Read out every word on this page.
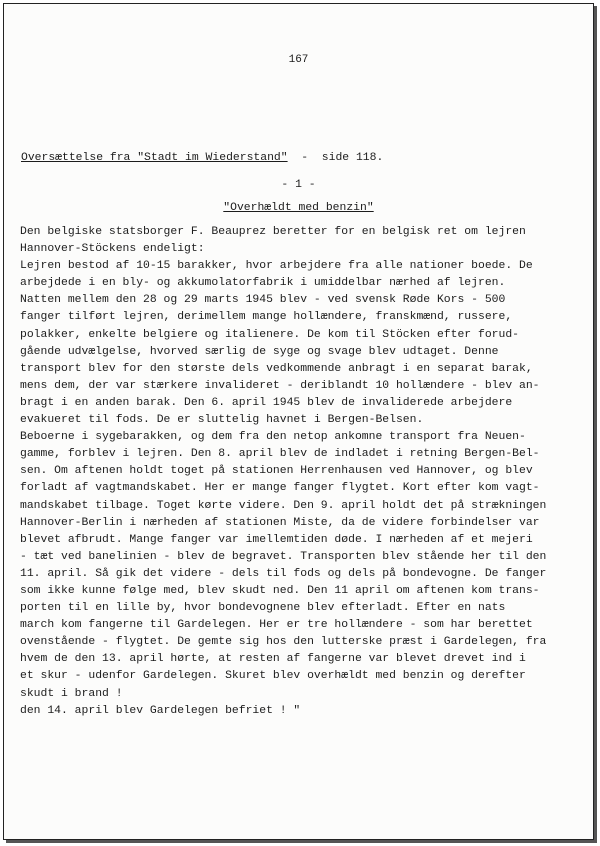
167
Oversættelse fra "Stadt im Wiederstand"  -  side 118.
- 1 -
"Overhældt med benzin"
Den belgiske statsborger F. Beauprez beretter for en belgisk ret om lejren
Hannover-Stöckens endeligt:
Lejren bestod af 10-15 barakker, hvor arbejdere fra alle nationer boede. De
arbejdede i en bly- og akkumolatorfabrik i umiddelbar nærhed af lejren.
Natten mellem den 28 og 29 marts 1945 blev - ved svensk Røde Kors - 500
fanger tilført lejren, derimellem mange hollændere, franskmænd, russere,
polakker, enkelte belgiere og italienere. De kom til Stöcken efter forud-
gående udvælgelse, hvorved særlig de syge og svage blev udtaget. Denne
transport blev for den største dels vedkommende anbragt i en separat barak,
mens dem, der var stærkere invalideret - deriblandt 10 hollændere - blev an-
bragt i en anden barak. Den 6. april 1945 blev de invaliderede arbejdere
evakueret til fods. De er sluttelig havnet i Bergen-Belsen.
Beboerne i sygebarakken, og dem fra den netop ankomne transport fra Neuen-
gamme, forblev i lejren. Den 8. april blev de indladet i retning Bergen-Bel-
sen. Om aftenen holdt toget på stationen Herrenhausen ved Hannover, og blev
forladt af vagtmandskabet. Her er mange fanger flygtet. Kort efter kom vagt-
mandskabet tilbage. Toget kørte videre. Den 9. april holdt det på strækningen
Hannover-Berlin i nærheden af stationen Miste, da de videre forbindelser var
blevet afbrudt. Mange fanger var imellemtiden døde. I nærheden af et mejeri
- tæt ved banelinien - blev de begravet. Transporten blev stående her til den
11. april. Så gik det videre - dels til fods og dels på bondevogne. De fanger
som ikke kunne følge med, blev skudt ned. Den 11 april om aftenen kom trans-
porten til en lille by, hvor bondevognene blev efterladt. Efter en nats
march kom fangerne til Gardelegen. Her er tre hollændere - som har berettet
ovenstående - flygtet. De gemte sig hos den lutterske præst i Gardelegen, fra
hvem de den 13. april hørte, at resten af fangerne var blevet drevet ind i
et skur - udenfor Gardelegen. Skuret blev overhældt med benzin og derefter
skudt i brand !
den 14. april blev Gardelegen befriet ! "
